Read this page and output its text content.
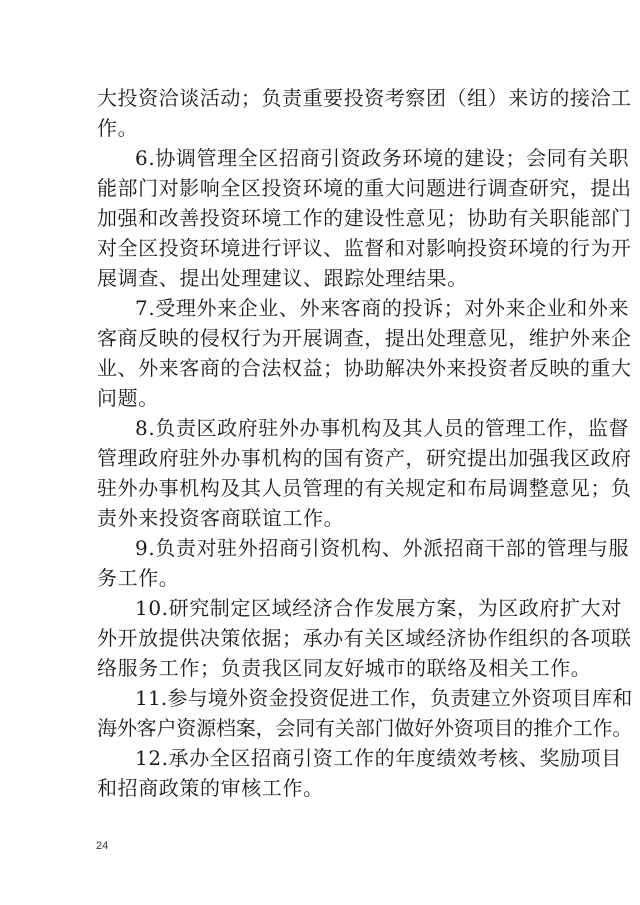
大投资洽谈活动；负责重要投资考察团（组）来访的接洽工
作。
6.协调管理全区招商引资政务环境的建设；会同有关职
能部门对影响全区投资环境的重大问题进行调查研究，提出
加强和改善投资环境工作的建设性意见；协助有关职能部门
对全区投资环境进行评议、监督和对影响投资环境的行为开
展调查、提出处理建议、跟踪处理结果。
7.受理外来企业、外来客商的投诉；对外来企业和外来
客商反映的侵权行为开展调查，提出处理意见，维护外来企
业、外来客商的合法权益；协助解决外来投资者反映的重大
问题。
8.负责区政府驻外办事机构及其人员的管理工作，监督
管理政府驻外办事机构的国有资产，研究提出加强我区政府
驻外办事机构及其人员管理的有关规定和布局调整意见；负
责外来投资客商联谊工作。
9.负责对驻外招商引资机构、外派招商干部的管理与服
务工作。
10.研究制定区域经济合作发展方案，为区政府扩大对
外开放提供决策依据；承办有关区域经济协作组织的各项联
络服务工作；负责我区同友好城市的联络及相关工作。
11.参与境外资金投资促进工作，负责建立外资项目库和
海外客户资源档案，会同有关部门做好外资项目的推介工作。
12.承办全区招商引资工作的年度绩效考核、奖励项目
和招商政策的审核工作。
24
